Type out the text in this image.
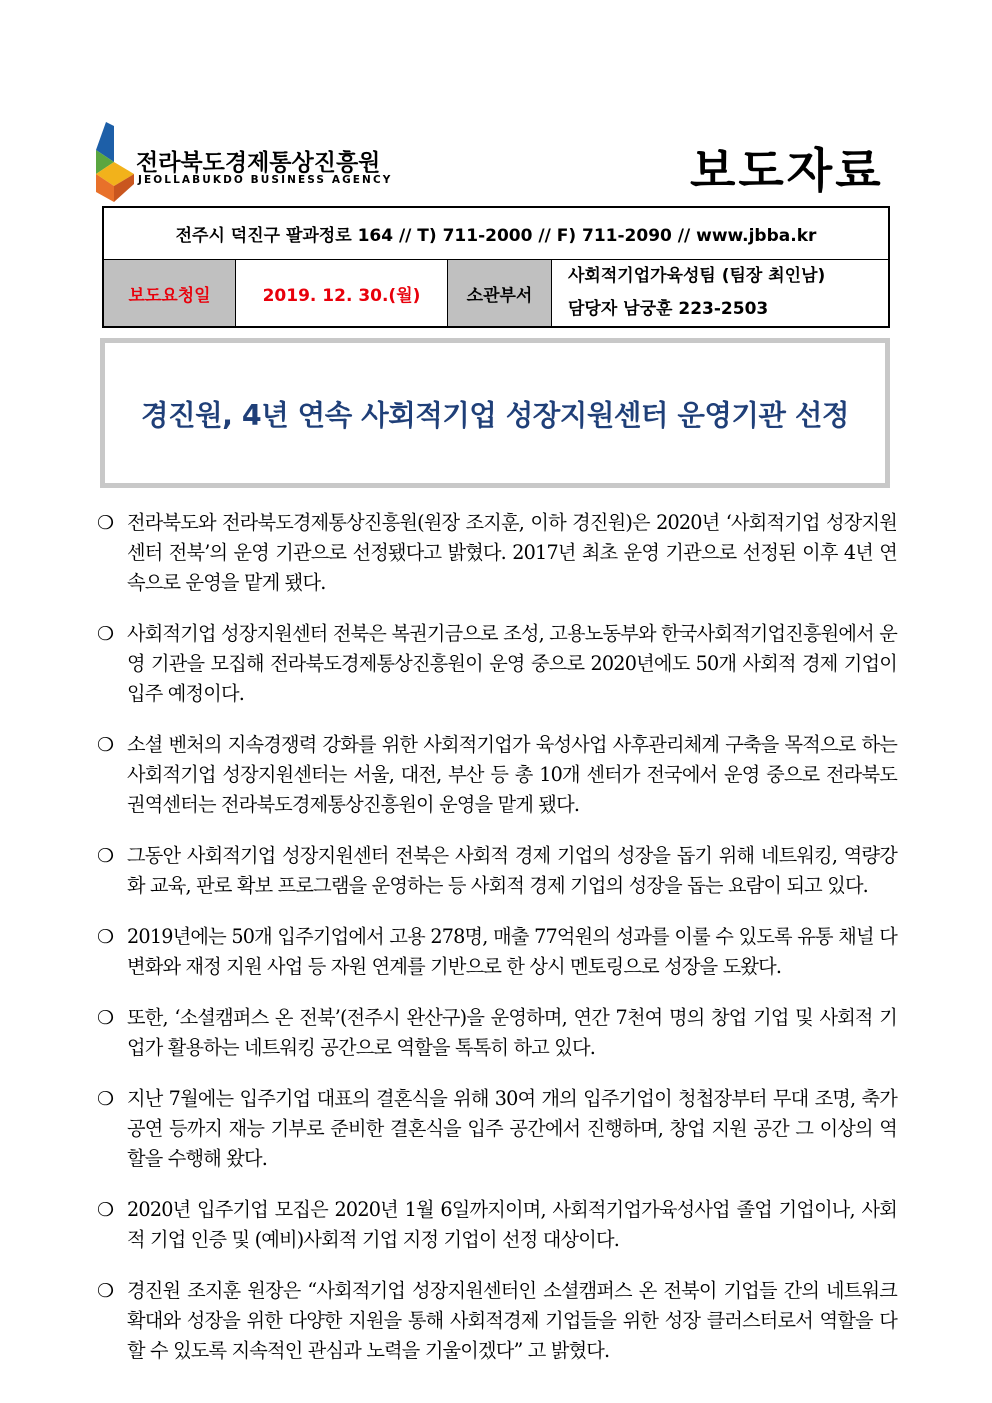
전라북도경제통상진흥원
JEOLLABUKDO BUSINESS AGENCY	보도자료
전주시 덕진구 팔과정로 164 // T) 711-2000 // F) 711-2090 // www.jbba.kr
보도요청일	2019. 12. 30.(월)	소관부서
사회적기업가육성팀 (팀장 최인남)
담당자 남궁훈 223-2503
경진원, 4년 연속 사회적기업 성장지원센터 운영기관 선정
❍ 전라북도와 전라북도경제통상진흥원(원장 조지훈, 이하 경진원)은 2020년 ‘사회적기업 성장지원센터 전북’의 운영 기관으로 선정됐다고 밝혔다. 2017년 최초 운영 기관으로 선정된 이후 4년 연속으로 운영을 맡게 됐다.
❍ 사회적기업 성장지원센터 전북은 복권기금으로 조성, 고용노동부와 한국사회적기업진흥원에서 운영 기관을 모집해 전라북도경제통상진흥원이 운영 중으로 2020년에도 50개 사회적 경제 기업이 입주 예정이다.
❍ 소셜 벤처의 지속경쟁력 강화를 위한 사회적기업가 육성사업 사후관리체계 구축을 목적으로 하는 사회적기업 성장지원센터는 서울, 대전, 부산 등 총 10개 센터가 전국에서 운영 중으로 전라북도 권역센터는 전라북도경제통상진흥원이 운영을 맡게 됐다.
❍ 그동안 사회적기업 성장지원센터 전북은 사회적 경제 기업의 성장을 돕기 위해 네트워킹, 역량강화 교육, 판로 확보 프로그램을 운영하는 등 사회적 경제 기업의 성장을 돕는 요람이 되고 있다.
❍ 2019년에는 50개 입주기업에서 고용 278명, 매출 77억원의 성과를 이룰 수 있도록 유통 채널 다변화와 재정 지원 사업 등 자원 연계를 기반으로 한 상시 멘토링으로 성장을 도왔다.
❍ 또한, ‘소셜캠퍼스 온 전북’(전주시 완산구)을 운영하며, 연간 7천여 명의 창업 기업 및 사회적 기업가 활용하는 네트워킹 공간으로 역할을 톡톡히 하고 있다.
❍ 지난 7월에는 입주기업 대표의 결혼식을 위해 30여 개의 입주기업이 청첩장부터 무대 조명, 축가 공연 등까지 재능 기부로 준비한 결혼식을 입주 공간에서 진행하며, 창업 지원 공간 그 이상의 역할을 수행해 왔다.
❍ 2020년 입주기업 모집은 2020년 1월 6일까지이며, 사회적기업가육성사업 졸업 기업이나, 사회적 기업 인증 및 (예비)사회적 기업 지정 기업이 선정 대상이다.
❍ 경진원 조지훈 원장은 “사회적기업 성장지원센터인 소셜캠퍼스 온 전북이 기업들 간의 네트워크 확대와 성장을 위한 다양한 지원을 통해 사회적경제 기업들을 위한 성장 클러스터로서 역할을 다할 수 있도록 지속적인 관심과 노력을 기울이겠다” 고 밝혔다.
